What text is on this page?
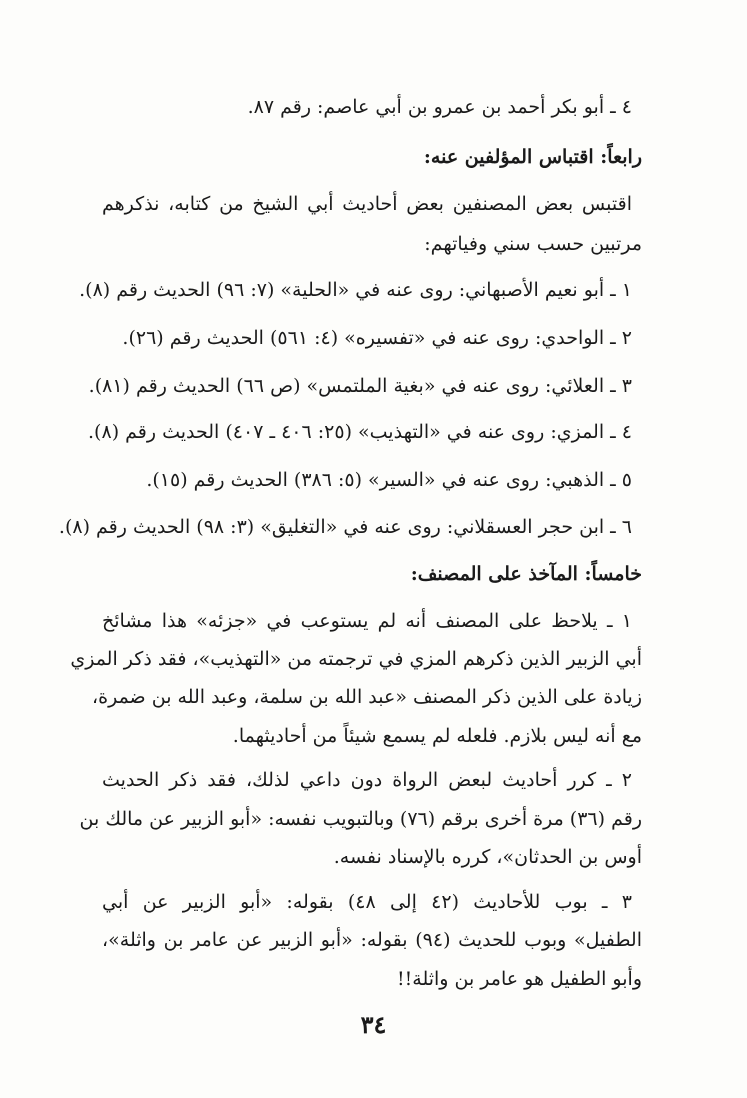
٤ ـ أبو بكر أحمد بن عمرو بن أبي عاصم: رقم ٨٧.
رابعاً: اقتباس المؤلفين عنه:
اقتبس بعض المصنفين بعض أحاديث أبي الشيخ من كتابه، نذكرهم
مرتبين حسب سني وفياتهم:
١ ـ أبو نعيم الأصبهاني: روى عنه في «الحلية» (٧: ٩٦) الحديث رقم (٨).
٢ ـ الواحدي: روى عنه في «تفسيره» (٤: ٥٦١) الحديث رقم (٢٦).
٣ ـ العلائي: روى عنه في «بغية الملتمس» (ص ٦٦) الحديث رقم (٨١).
٤ ـ المزي: روى عنه في «التهذيب» (٢٥: ٤٠٦ ـ ٤٠٧) الحديث رقم (٨).
٥ ـ الذهبي: روى عنه في «السير» (٥: ٣٨٦) الحديث رقم (١٥).
٦ ـ ابن حجر العسقلاني: روى عنه في «التغليق» (٣: ٩٨) الحديث رقم (٨).
خامساً: المآخذ على المصنف:
١ ـ يلاحظ على المصنف أنه لم يستوعب في «جزئه» هذا مشائخ
أبي الزبير الذين ذكرهم المزي في ترجمته من «التهذيب»، فقد ذكر المزي
زيادة على الذين ذكر المصنف «عبد الله بن سلمة، وعبد الله بن ضمرة،
مع أنه ليس بلازم. فلعله لم يسمع شيئاً من أحاديثهما.
٢ ـ كرر أحاديث لبعض الرواة دون داعي لذلك، فقد ذكر الحديث
رقم (٣٦) مرة أخرى برقم (٧٦) وبالتبويب نفسه: «أبو الزبير عن مالك بن
أوس بن الحدثان»، كرره بالإسناد نفسه.
٣ ـ بوب للأحاديث (٤٢ إلى ٤٨) بقوله: «أبو الزبير عن أبي
الطفيل» وبوب للحديث (٩٤) بقوله: «أبو الزبير عن عامر بن واثلة»،
وأبو الطفيل هو عامر بن واثلة!!
٣٤
